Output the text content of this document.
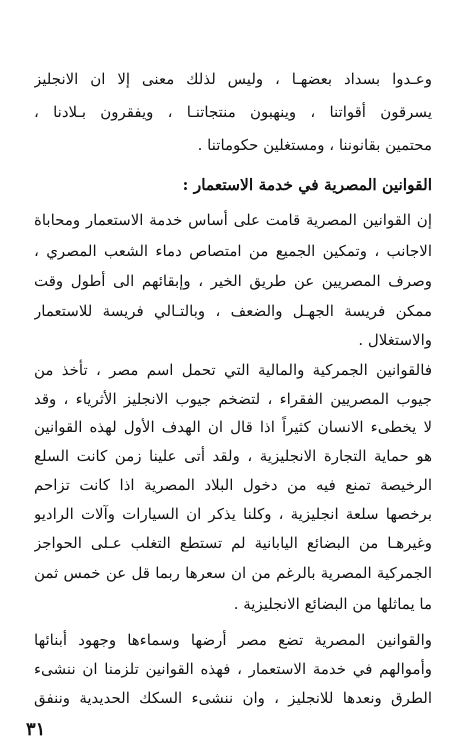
وعـدوا بسداد بعضهـا ، وليس لذلك معنى إلا ان الانجليز
يسرقون أقواتنا ، وينهبون منتجاتنـا ، ويفقرون بـلادنا ،
محتمين بقانوننا ، ومستغلين حكوماتنا .
القوانين المصرية في خدمة الاستعمار :
إن القوانين المصرية قامت على أساس خدمة الاستعمار ومحاباة
الاجانب ، وتمكين الجميع من امتصاص دماء الشعب المصري ،
وصرف المصريين عن طريق الخير ، وإبقائهم الى أطول وقت
ممكن فريسة الجهـل والضعف ، وبالتـالي فريسة للاستعمار
والاستغلال .
فالقوانين الجمركية والمالية التي تحمل اسم مصر ، تأخذ من
جيوب المصريين الفقراء ، لتضخم جيوب الانجليز الأثرياء ، وقد
لا يخطىء الانسان كثيراً اذا قال ان الهدف الأول لهذه القوانين
هو حماية التجارة الانجليزية ، ولقد أتى علينا زمن كانت السلع
الرخيصة تمنع فيه من دخول البلاد المصرية اذا كانت تزاحم
برخصها سلعة انجليزية ، وكلنا يذكر ان السيارات وآلات الراديو
وغيرهـا من البضائع اليابانية لم تستطع التغلب عـلى الحواجز
الجمركية المصرية بالرغم من ان سعرها ربما قل عن خمس ثمن
ما يماثلها من البضائع الانجليزية .
والقوانين المصرية تضع مصر أرضها وسماءها وجهود أبنائها
وأموالهم في خدمة الاستعمار ، فهذه القوانين تلزمنا ان ننشىء
الطرق ونعدها للانجليز ، وان ننشىء السكك الحديدية وننفق
٣١
